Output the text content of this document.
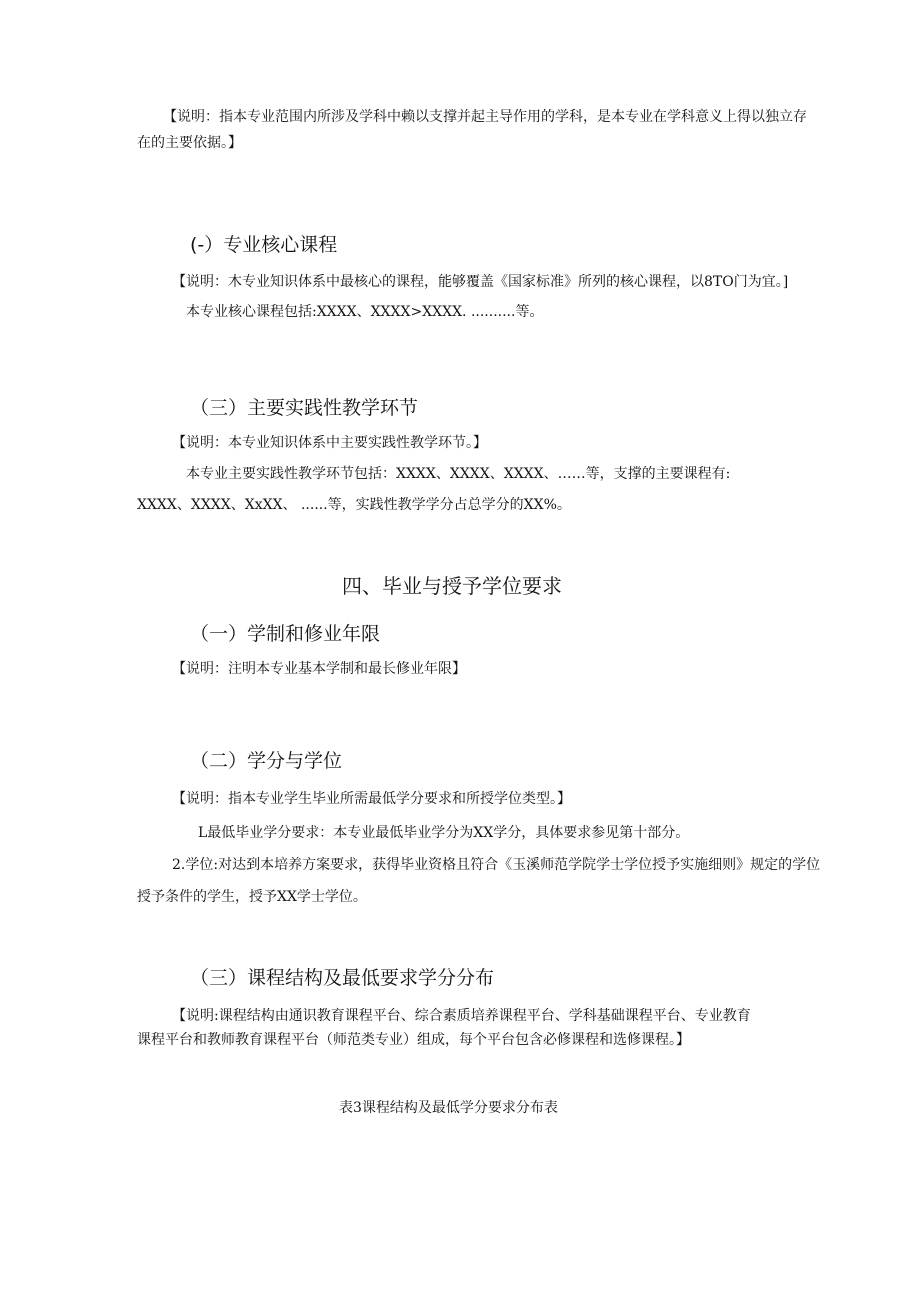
【说明：指本专业范围内所涉及学科中赖以支撑并起主导作用的学科，是本专业在学科意义上得以独立存
在的主要依据。】
(-）专业核心课程
【说明：木专业知识体系中最核心的课程，能够覆盖《国家标准》所列的核心课程，以8TO门为宜。]
本专业核心课程包括:XXXX、XXXX>XXXX. ..........等。
（三）主要实践性教学环节
【说明：本专业知识体系中主要实践性教学环节。】
本专业主要实践性教学环节包括：XXXX、XXXX、XXXX、……等，支撑的主要课程有:
XXXX、XXXX、XxXX、 ......等，实践性教学学分占总学分的XX%。
四、毕业与授予学位要求
（一）学制和修业年限
【说明：注明本专业基本学制和最长修业年限】
（二）学分与学位
【说明：指本专业学生毕业所需最低学分要求和所授学位类型。】
L最低毕业学分要求：本专业最低毕业学分为XX学分，具体要求参见第十部分。
2.学位:对达到本培养方案要求，获得毕业资格且符合《玉溪师范学院学士学位授予实施细则》规定的学位
授予条件的学生，授予XX学士学位。
（三）课程结构及最低要求学分分布
【说明:课程结构由通识教育课程平台、综合素质培养课程平台、学科基础课程平台、专业教育
课程平台和教师教育课程平台（师范类专业）组成，每个平台包含必修课程和选修课程。】
表3课程结构及最低学分要求分布表
